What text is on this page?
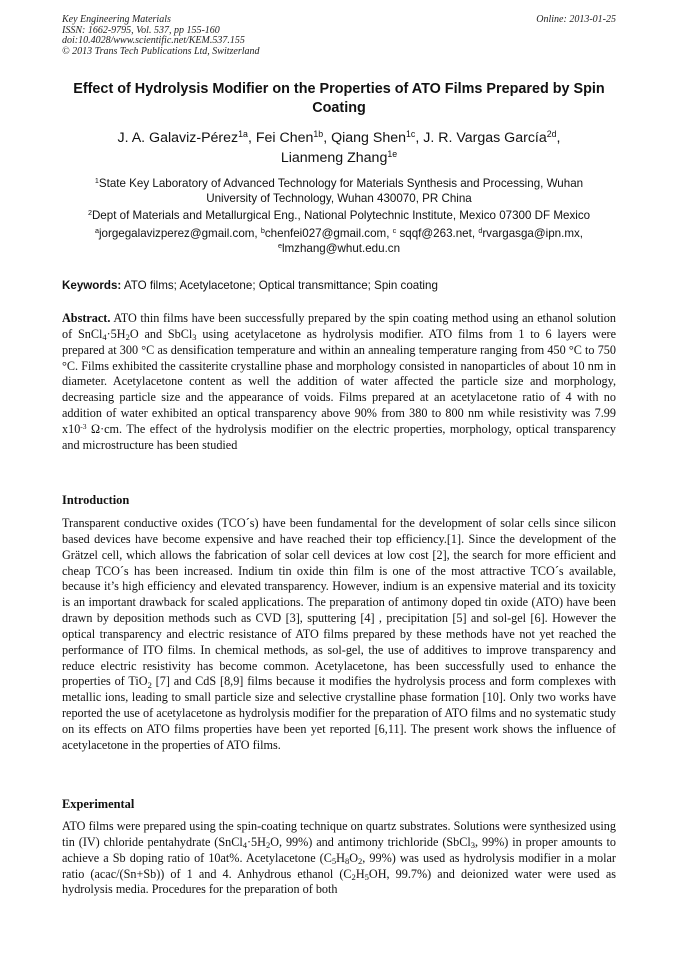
Key Engineering Materials
ISSN: 1662-9795, Vol. 537, pp 155-160
doi:10.4028/www.scientific.net/KEM.537.155
© 2013 Trans Tech Publications Ltd, Switzerland
Online: 2013-01-25
Effect of Hydrolysis Modifier on the Properties of ATO Films Prepared by Spin Coating
J. A. Galaviz-Pérez$^{1a}$, Fei Chen$^{1b}$, Qiang Shen$^{1c}$, J. R. Vargas García$^{2d}$,
Lianmeng Zhang$^{1e}$
$^1$State Key Laboratory of Advanced Technology for Materials Synthesis and Processing, Wuhan
University of Technology, Wuhan 430070, PR China
$^2$Dept of Materials and Metallurgical Eng., National Polytechnic Institute, Mexico 07300 DF Mexico
$^a$jorgegalavizperez@gmail.com, $^b$chenfei027@gmail.com, $^c$ sqqf@263.net, $^d$rvargasga@ipn.mx,
$^e$lmzhang@whut.edu.cn
Keywords: ATO films; Acetylacetone; Optical transmittance; Spin coating
Abstract. ATO thin films have been successfully prepared by the spin coating method using an ethanol solution of $SnCl_4\cdot 5H_2O$ and SbCl$_3$ using acetylacetone as hydrolysis modifier. ATO films from 1 to 6 layers were prepared at 300 °C as densification temperature and within an annealing temperature ranging from 450 °C to 750 °C. Films exhibited the cassiterite crystalline phase and morphology consisted in nanoparticles of about 10 nm in diameter. Acetylacetone content as well the addition of water affected the particle size and morphology, decreasing particle size and the appearance of voids. Films prepared at an acetylacetone ratio of 4 with no addition of water exhibited an optical transparency above 90% from 380 to 800 nm while resistivity was 7.99 $x10^{-3}$ Ω·cm. The effect of the hydrolysis modifier on the electric properties, morphology, optical transparency and microstructure has been studied
Introduction
Transparent conductive oxides (TCO´s) have been fundamental for the development of solar cells since silicon based devices have become expensive and have reached their top efficiency.[1]. Since the development of the Grätzel cell, which allows the fabrication of solar cell devices at low cost [2], the search for more efficient and cheap TCO´s has been increased. Indium tin oxide thin film is one of the most attractive TCO´s available, because it’s high efficiency and elevated transparency. However, indium is an expensive material and its toxicity is an important drawback for scaled applications. The preparation of antimony doped tin oxide (ATO) have been drawn by deposition methods such as CVD [3], sputtering [4] , precipitation [5] and sol-gel [6]. However the optical transparency and electric resistance of ATO films prepared by these methods have not yet reached the performance of ITO films. In chemical methods, as sol-gel, the use of additives to improve transparency and reduce electric resistivity has become common. Acetylacetone, has been successfully used to enhance the properties of TiO$_2$ [7] and CdS [8,9] films because it modifies the hydrolysis process and form complexes with metallic ions, leading to small particle size and selective crystalline phase formation [10]. Only two works have reported the use of acetylacetone as hydrolysis modifier for the preparation of ATO films and no systematic study on its effects on ATO films properties have been yet reported [6,11]. The present work shows the influence of acetylacetone in the properties of ATO films.
Experimental
ATO films were prepared using the spin-coating technique on quartz substrates. Solutions were synthesized using tin (IV) chloride pentahydrate ($SnCl_4\cdot 5H_2O$, 99%) and antimony trichloride (SbCl$_3$, 99%) in proper amounts to achieve a Sb doping ratio of 10at%. Acetylacetone ($C_5H_8O_2$, 99%) was used as hydrolysis modifier in a molar ratio (acac/(Sn+Sb)) of 1 and 4. Anhydrous ethanol ($C_2H_5OH$, 99.7%) and deionized water were used as hydrolysis media. Procedures for the preparation of both
